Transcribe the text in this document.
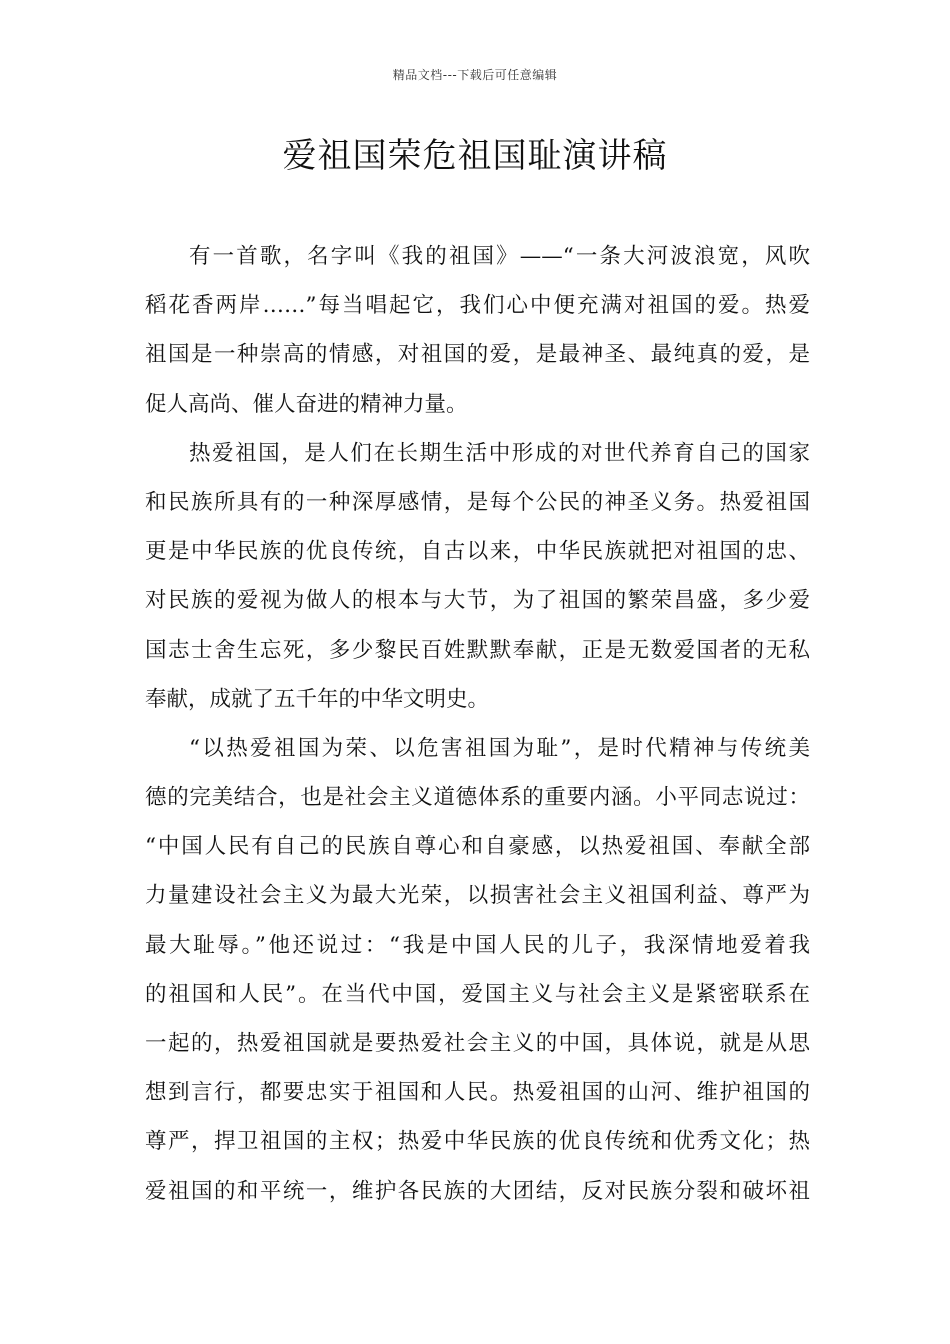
精品文档---下载后可任意编辑
爱祖国荣危祖国耻演讲稿
有一首歌，名字叫《我的祖国》——“一条大河波浪宽，风吹
稻花香两岸……”每当唱起它，我们心中便充满对祖国的爱。热爱
祖国是一种崇高的情感，对祖国的爱，是最神圣、最纯真的爱，是
促人高尚、催人奋进的精神力量。
热爱祖国，是人们在长期生活中形成的对世代养育自己的国家
和民族所具有的一种深厚感情，是每个公民的神圣义务。热爱祖国
更是中华民族的优良传统，自古以来，中华民族就把对祖国的忠、
对民族的爱视为做人的根本与大节，为了祖国的繁荣昌盛，多少爱
国志士舍生忘死，多少黎民百姓默默奉献，正是无数爱国者的无私
奉献，成就了五千年的中华文明史。
“以热爱祖国为荣、以危害祖国为耻”，是时代精神与传统美
德的完美结合，也是社会主义道德体系的重要内涵。小平同志说过：
“中国人民有自己的民族自尊心和自豪感，以热爱祖国、奉献全部
力量建设社会主义为最大光荣，以损害社会主义祖国利益、尊严为
最大耻辱。”他还说过：“我是中国人民的儿子，我深情地爱着我
的祖国和人民”。在当代中国，爱国主义与社会主义是紧密联系在
一起的，热爱祖国就是要热爱社会主义的中国，具体说，就是从思
想到言行，都要忠实于祖国和人民。热爱祖国的山河、维护祖国的
尊严，捍卫祖国的主权；热爱中华民族的优良传统和优秀文化；热
爱祖国的和平统一，维护各民族的大团结，反对民族分裂和破坏祖
